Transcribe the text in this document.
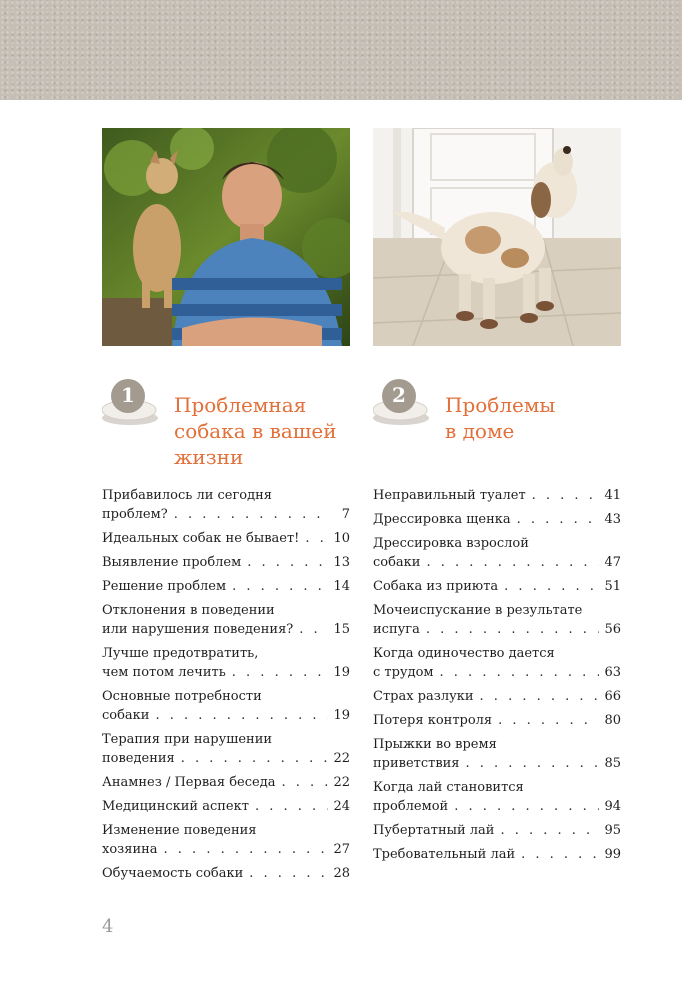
1	Проблемная
собака в вашей
жизни
2	Проблемы
в доме
Прибавилось ли сегодня
проблем? . . .	7
Идеальных собак не бывает! . . .	10
Выявление проблем . . .	13
Решение проблем . . .	14
Отклонения в поведении
или нарушения поведения? . . .	15
Лучше предотвратить,
чем потом лечить . . .	19
Основные потребности
собаки . . .	19
Терапия при нарушении
поведения . . .	22
Анамнез / Первая беседа . . .	22
Медицинский аспект . . .	24
Изменение поведения
хозяина . . .	27
Обучаемость собаки . . .	28
Неправильный туалет . . .	41
Дрессировка щенка . . .	43
Дрессировка взрослой
собаки . . .	47
Собака из приюта . . .	51
Мочеиспускание в результате
испуга . . .	56
Когда одиночество дается
с трудом . . .	63
Страх разлуки . . .	66
Потеря контроля . . .	80
Прыжки во время
приветствия . . .	85
Когда лай становится
проблемой . . .	94
Пубертатный лай . . .	95
Требовательный лай . . .	99
4
